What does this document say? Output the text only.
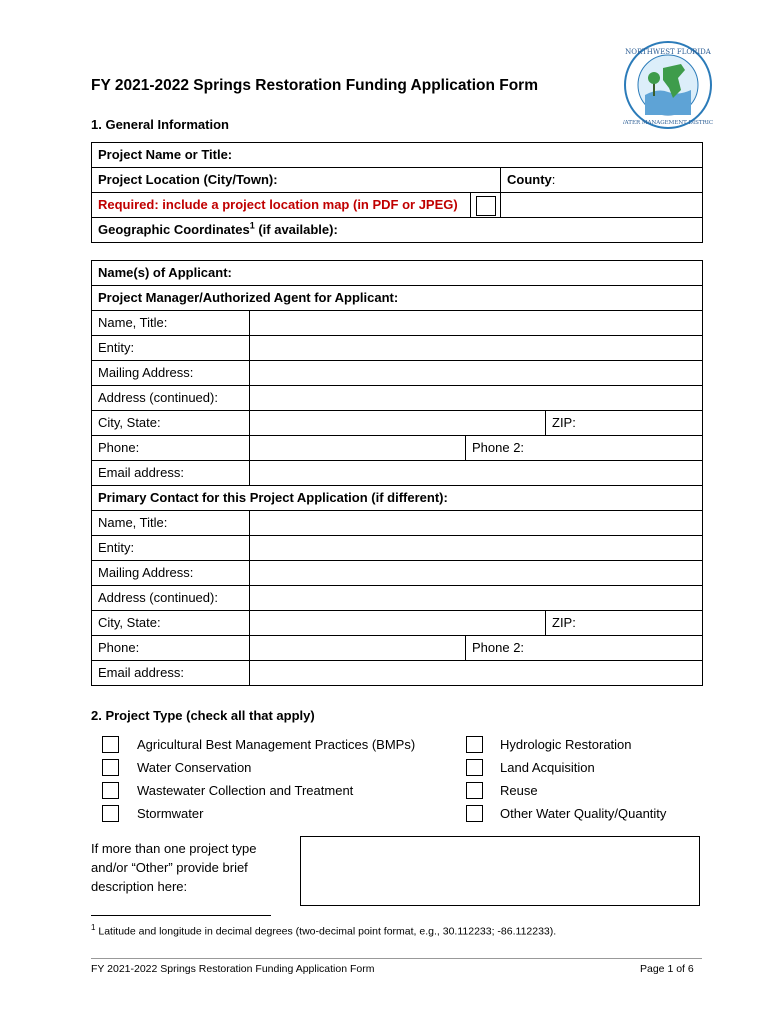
NORTHWEST FLORIDA
WATER MANAGEMENT DISTRICT
FY 2021-2022 Springs Restoration Funding Application Form
1. General Information
Project Name or Title:		
Project Location (City/Town):		County:
Required: include a project location map (in PDF or JPEG)		
Geographic Coordinates$^1$ (if available):		
Name(s) of Applicant:			
Project Manager/Authorized Agent for Applicant:			
Name, Title:			
Entity:			
Mailing Address:			
Address (continued):			
City, State:			ZIP:
Phone:		Phone 2:	
Email address:			
Primary Contact for this Project Application (if different):			
Name, Title:			
Entity:			
Mailing Address:			
Address (continued):			
City, State:			ZIP:
Phone:		Phone 2:	
Email address:			
2. Project Type (check all that apply)
Agricultural Best Management Practices (BMPs)
Water Conservation
Wastewater Collection and Treatment
Stormwater
Hydrologic Restoration
Land Acquisition
Reuse
Other Water Quality/Quantity
If more than one project type
and/or “Other” provide brief
description here:
$^1$ Latitude and longitude in decimal degrees (two-decimal point format, e.g., 30.112233; -86.112233).
FY 2021-2022 Springs Restoration Funding Application Form	Page 1 of 6
